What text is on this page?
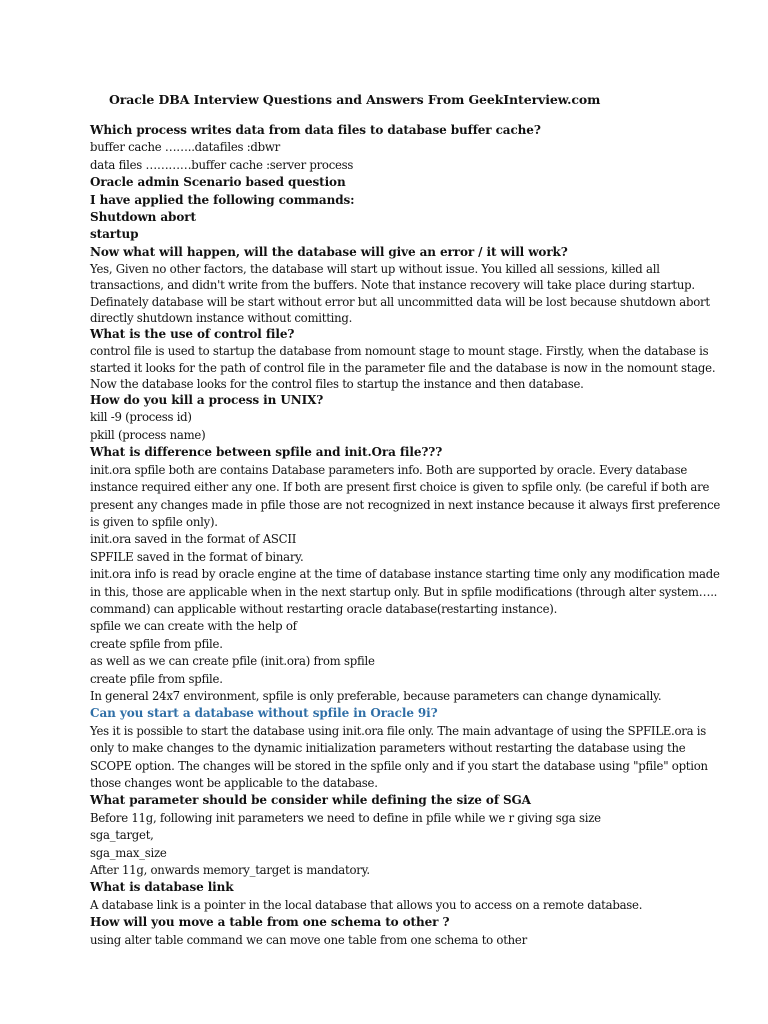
Oracle DBA Interview Questions and Answers From GeekInterview.com
Which process writes data from data files to database buffer cache?
buffer cache ……..datafiles :dbwr
data files …………buffer cache :server process
Oracle admin Scenario based question
I have applied the following commands:
Shutdown abort
startup
Now what will happen, will the database will give an error / it will work?
Yes, Given no other factors, the database will start up without issue. You killed all sessions, killed all
transactions, and didn't write from the buffers. Note that instance recovery will take place during startup.
Definately database will be start without error but all uncommitted data will be lost because shutdown abort
directly shutdown instance without comitting.
What is the use of control file?
control file is used to startup the database from nomount stage to mount stage. Firstly, when the database is
started it looks for the path of control file in the parameter file and the database is now in the nomount stage.
Now the database looks for the control files to startup the instance and then database.
How do you kill a process in UNIX?
kill -9 (process id)
pkill (process name)
What is difference between spfile and init.Ora file???
init.ora spfile both are contains Database parameters info. Both are supported by oracle. Every database
instance required either any one. If both are present first choice is given to spfile only. (be careful if both are
present any changes made in pfile those are not recognized in next instance because it always first preference
is given to spfile only).
init.ora saved in the format of ASCII
SPFILE saved in the format of binary.
init.ora info is read by oracle engine at the time of database instance starting time only any modification made
in this, those are applicable when in the next startup only. But in spfile modifications (through alter system…..
command) can applicable without restarting oracle database(restarting instance).
spfile we can create with the help of
create spfile from pfile.
as well as we can create pfile (init.ora) from spfile
create pfile from spfile.
In general 24x7 environment, spfile is only preferable, because parameters can change dynamically.
Can you start a database without spfile in Oracle 9i?
Yes it is possible to start the database using init.ora file only. The main advantage of using the SPFILE.ora is
only to make changes to the dynamic initialization parameters without restarting the database using the
SCOPE option. The changes will be stored in the spfile only and if you start the database using "pfile" option
those changes wont be applicable to the database.
What parameter should be consider while defining the size of SGA
Before 11g, following init parameters we need to define in pfile while we r giving sga size
sga_target,
sga_max_size
After 11g, onwards memory_target is mandatory.
What is database link
A database link is a pointer in the local database that allows you to access on a remote database.
How will you move a table from one schema to other ?
using alter table command we can move one table from one schema to other
